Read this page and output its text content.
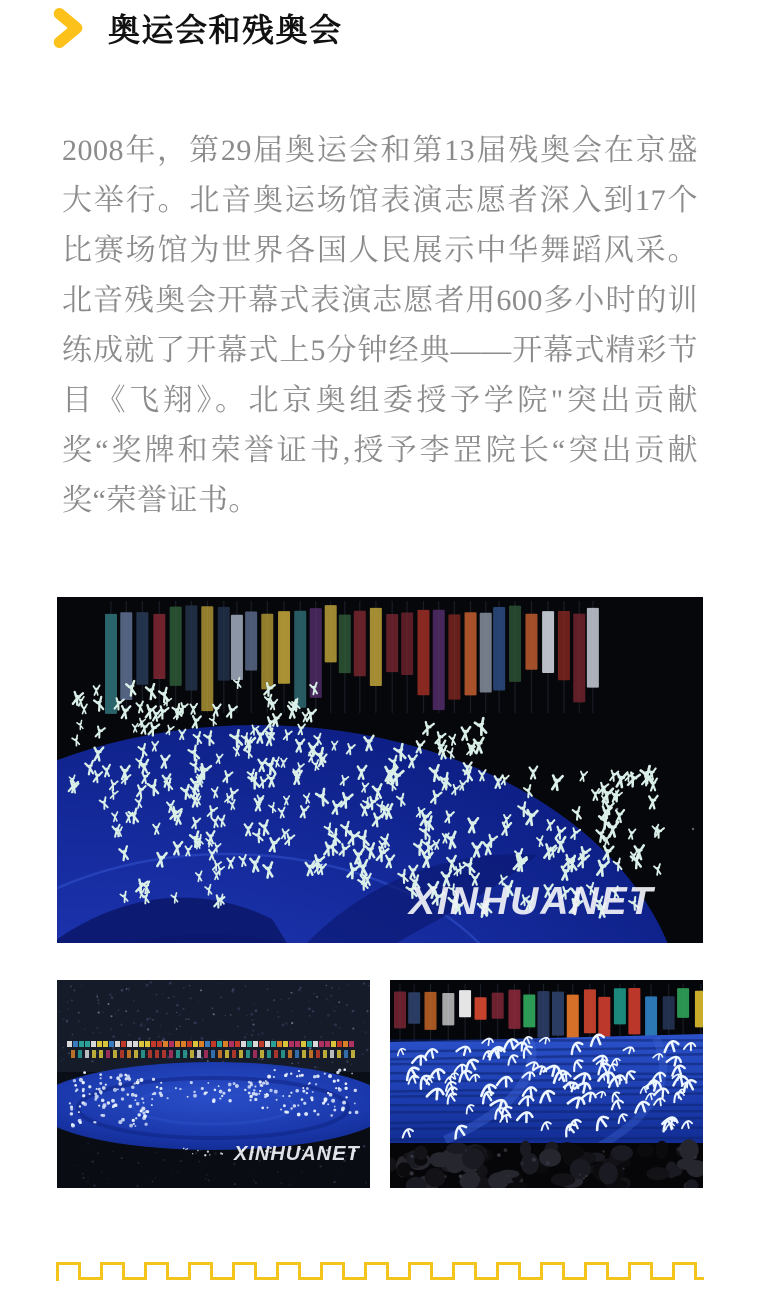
奥运会和残奥会

2008年，第29届奥运会和第13届残奥会在京盛大举行。北音奥运场馆表演志愿者深入到17个比赛场馆为世界各国人民展示中华舞蹈风采。北音残奥会开幕式表演志愿者用600多小时的训练成就了开幕式上5分钟经典——开幕式精彩节目《飞翔》。北京奥组委授予学院"突出贡献奖“奖牌和荣誉证书,授予李罡院长“突出贡献奖“荣誉证书。

XINHUANET
XINHUANET
